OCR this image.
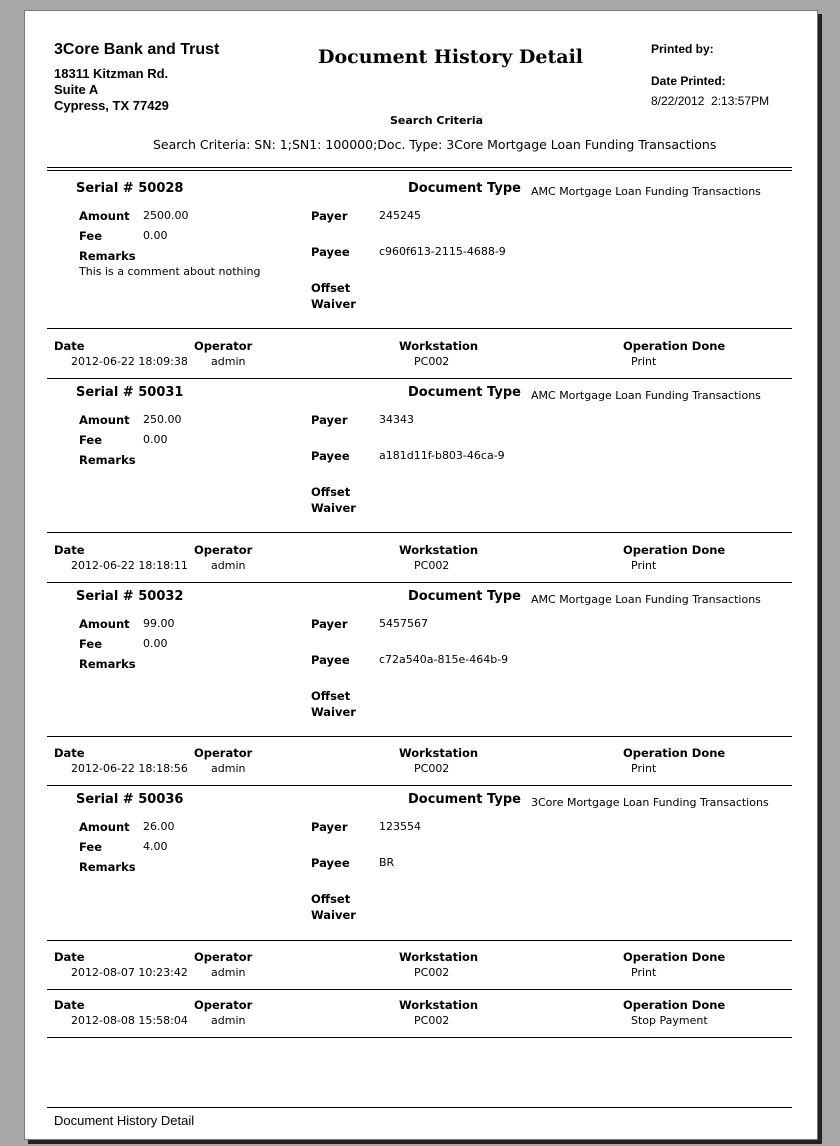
3Core Bank and Trust
18311 Kitzman Rd.
Suite A
Cypress, TX 77429
Document History Detail	Printed by:
Date Printed:
8/22/2012  2:13:57PM
Search Criteria
Search Criteria: SN: 1;SN1: 100000;Doc. Type: 3Core Mortgage Loan Funding Transactions
Serial # 50028	Document Type AMC Mortgage Loan Funding Transactions
Amount 2500.00
Fee	0.00
Remarks
This is a comment about nothing
Payer	245245
Payee	c960f613-2115-4688-9
Offset
Waiver
Date	Operator	Workstation	Operation Done
2012-06-22 18:09:38 admin	PC002	Print
Serial # 50031	Document Type AMC Mortgage Loan Funding Transactions
Amount 250.00
Fee	0.00
Remarks
Payer	34343
Payee	a181d11f-b803-46ca-9
Offset
Waiver
Date	Operator	Workstation	Operation Done
2012-06-22 18:18:11 admin	PC002	Print
Serial # 50032	Document Type AMC Mortgage Loan Funding Transactions
Amount 99.00
Fee	0.00
Remarks
Payer	5457567
Payee	c72a540a-815e-464b-9
Offset
Waiver
Date	Operator	Workstation	Operation Done
2012-06-22 18:18:56 admin	PC002	Print
Serial # 50036	Document Type 3Core Mortgage Loan Funding Transactions
Amount 26.00
Fee	4.00
Remarks
Payer	123554
Payee	BR
Offset
Waiver
Date	Operator	Workstation	Operation Done
2012-08-07 10:23:42 admin	PC002	Print
Date	Operator	Workstation	Operation Done
2012-08-08 15:58:04 admin	PC002	Stop Payment
Document History Detail
